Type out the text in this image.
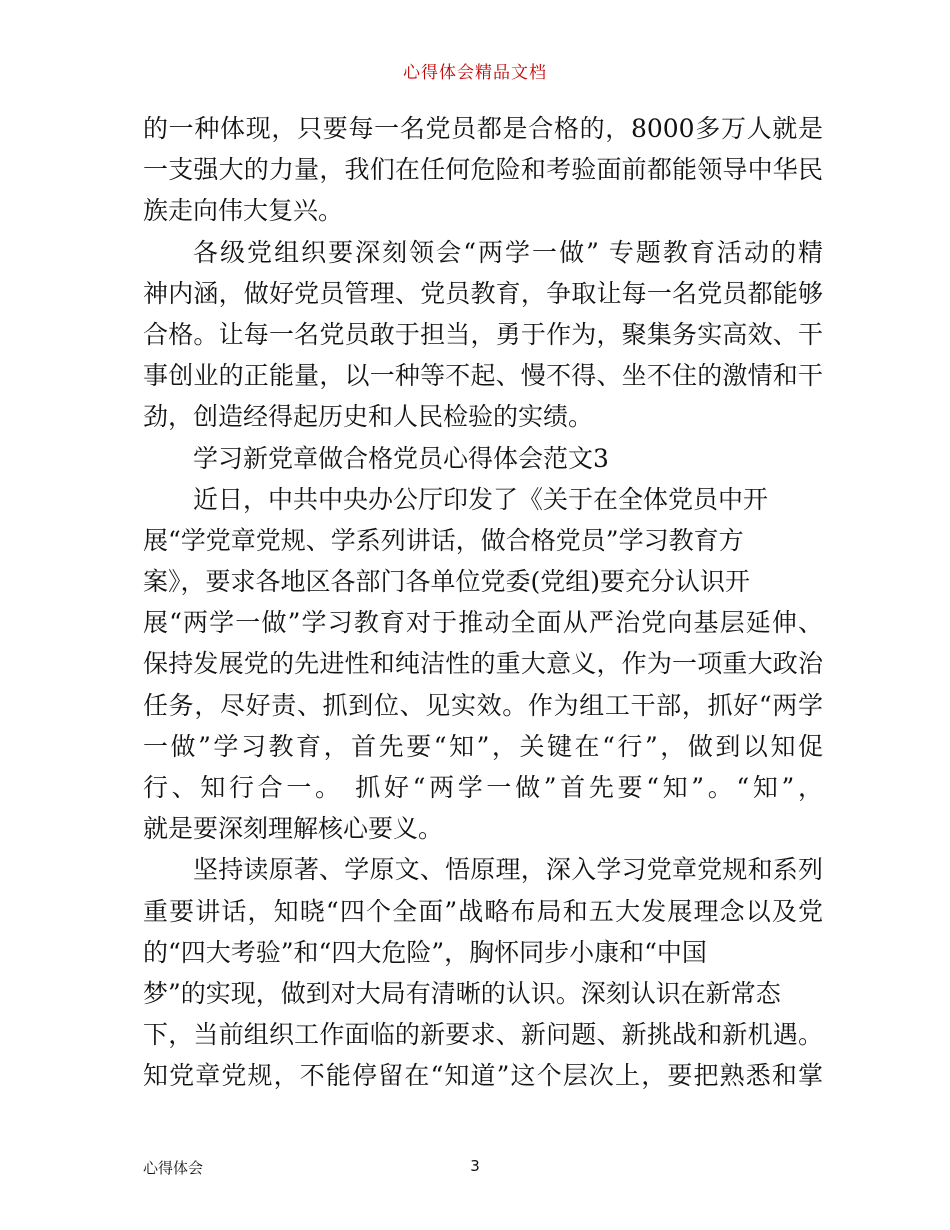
心得体会精品文档
的一种体现，只要每一名党员都是合格的，8000多万人就是
一支强大的力量，我们在任何危险和考验面前都能领导中华民
族走向伟大复兴。
各级党组织要深刻领会“两学一做” 专题教育活动的精
神内涵，做好党员管理、党员教育，争取让每一名党员都能够
合格。让每一名党员敢于担当，勇于作为，聚集务实高效、干
事创业的正能量，以一种等不起、慢不得、坐不住的激情和干
劲，创造经得起历史和人民检验的实绩。
学习新党章做合格党员心得体会范文3
近日，中共中央办公厅印发了《关于在全体党员中开
展“学党章党规、学系列讲话，做合格党员”学习教育方
案》，要求各地区各部门各单位党委(党组)要充分认识开
展“两学一做”学习教育对于推动全面从严治党向基层延伸、
保持发展党的先进性和纯洁性的重大意义，作为一项重大政治
任务，尽好责、抓到位、见实效。作为组工干部，抓好“两学
一做”学习教育，首先要“知”，关键在“行”，做到以知促
行、知行合一。 抓好“两学一做”首先要“知”。“知”，
就是要深刻理解核心要义。
坚持读原著、学原文、悟原理，深入学习党章党规和系列
重要讲话，知晓“四个全面”战略布局和五大发展理念以及党
的“四大考验”和“四大危险”，胸怀同步小康和“中国
梦”的实现，做到对大局有清晰的认识。深刻认识在新常态
下，当前组织工作面临的新要求、新问题、新挑战和新机遇。
知党章党规，不能停留在“知道”这个层次上，要把熟悉和掌
心得体会	3
